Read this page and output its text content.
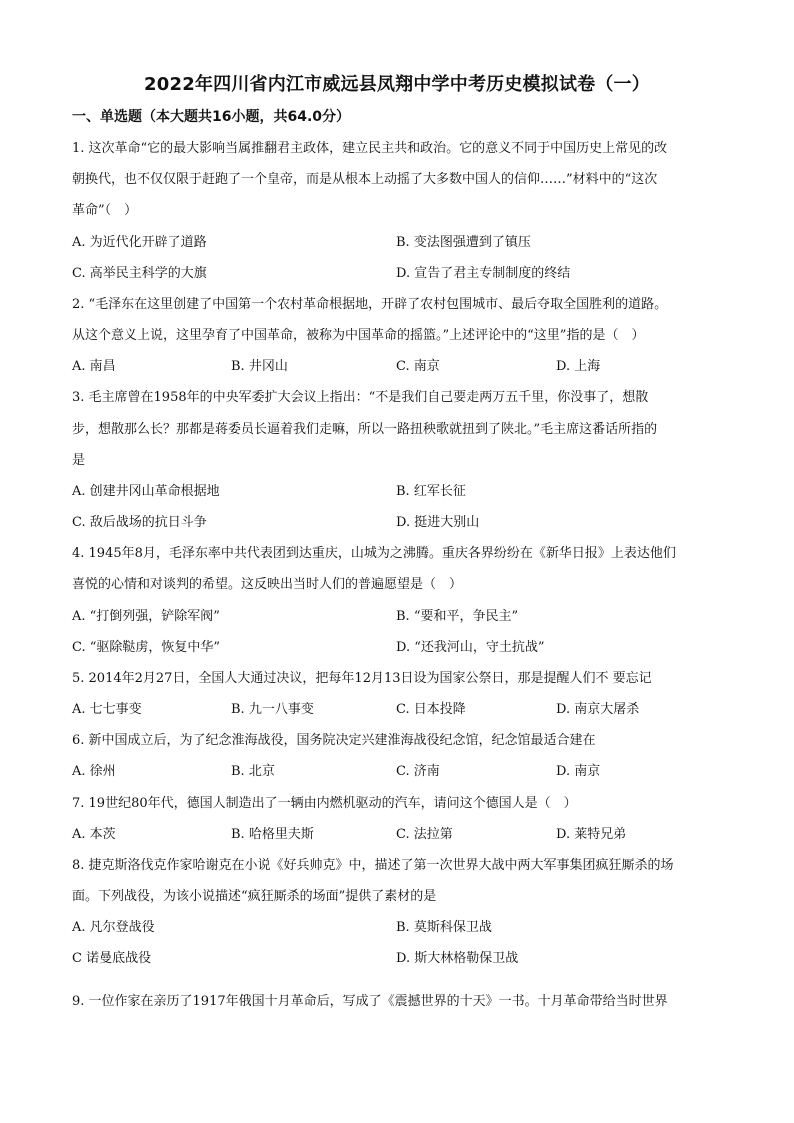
2022年四川省内江市威远县凤翔中学中考历史模拟试卷（一）
一、单选题（本大题共16小题，共64.0分）
1. 这次革命“它的最大影响当属推翻君主政体，建立民主共和政治。它的意义不同于中国历史上常见的改
朝换代，也不仅仅限于赶跑了一个皇帝，而是从根本上动摇了大多数中国人的信仰……”材料中的“这次
革命”（　）
A. 为近代化开辟了道路	B. 变法图强遭到了镇压
C. 高举民主科学的大旗	D. 宣告了君主专制制度的终结
2. “毛泽东在这里创建了中国第一个农村革命根据地，开辟了农村包围城市、最后夺取全国胜利的道路。
从这个意义上说，这里孕育了中国革命，被称为中国革命的摇篮。”上述评论中的“这里”指的是（　）
A. 南昌	B. 井冈山	C. 南京	D. 上海
3. 毛主席曾在1958年的中央军委扩大会议上指出：“不是我们自己要走两万五千里，你没事了，想散
步，想散那么长？那都是蒋委员长逼着我们走嘛，所以一路扭秧歌就扭到了陕北。”毛主席这番话所指的
是
A. 创建井冈山革命根据地	B. 红军长征
C. 敌后战场的抗日斗争	D. 挺进大别山
4. 1945年8月，毛泽东率中共代表团到达重庆，山城为之沸腾。重庆各界纷纷在《新华日报》上表达他们
喜悦的心情和对谈判的希望。这反映出当时人们的普遍愿望是（　）
A. “打倒列强，铲除军阀”	B. “要和平，争民主”
C. “驱除鞑虏，恢复中华”	D. “还我河山，守土抗战”
5. 2014年2月27日，全国人大通过决议，把每年12月13日设为国家公祭日，那是提醒人们不 要忘记
A. 七七事变	B. 九一八事变	C. 日本投降	D. 南京大屠杀
6. 新中国成立后，为了纪念淮海战役，国务院决定兴建淮海战役纪念馆，纪念馆最适合建在
A. 徐州	B. 北京	C. 济南	D. 南京
7. 19世纪80年代，德国人制造出了一辆由内燃机驱动的汽车，请问这个德国人是（　）
A. 本茨	B. 哈格里夫斯	C. 法拉第	D. 莱特兄弟
8. 捷克斯洛伐克作家哈谢克在小说《好兵帅克》中，描述了第一次世界大战中两大军事集团疯狂厮杀的场
面。下列战役，为该小说描述“疯狂厮杀的场面”提供了素材的是
A. 凡尔登战役	B. 莫斯科保卫战
C 诺曼底战役	D. 斯大林格勒保卫战
9. 一位作家在亲历了1917年俄国十月革命后，写成了《震撼世界的十天》一书。十月革命带给当时世界
